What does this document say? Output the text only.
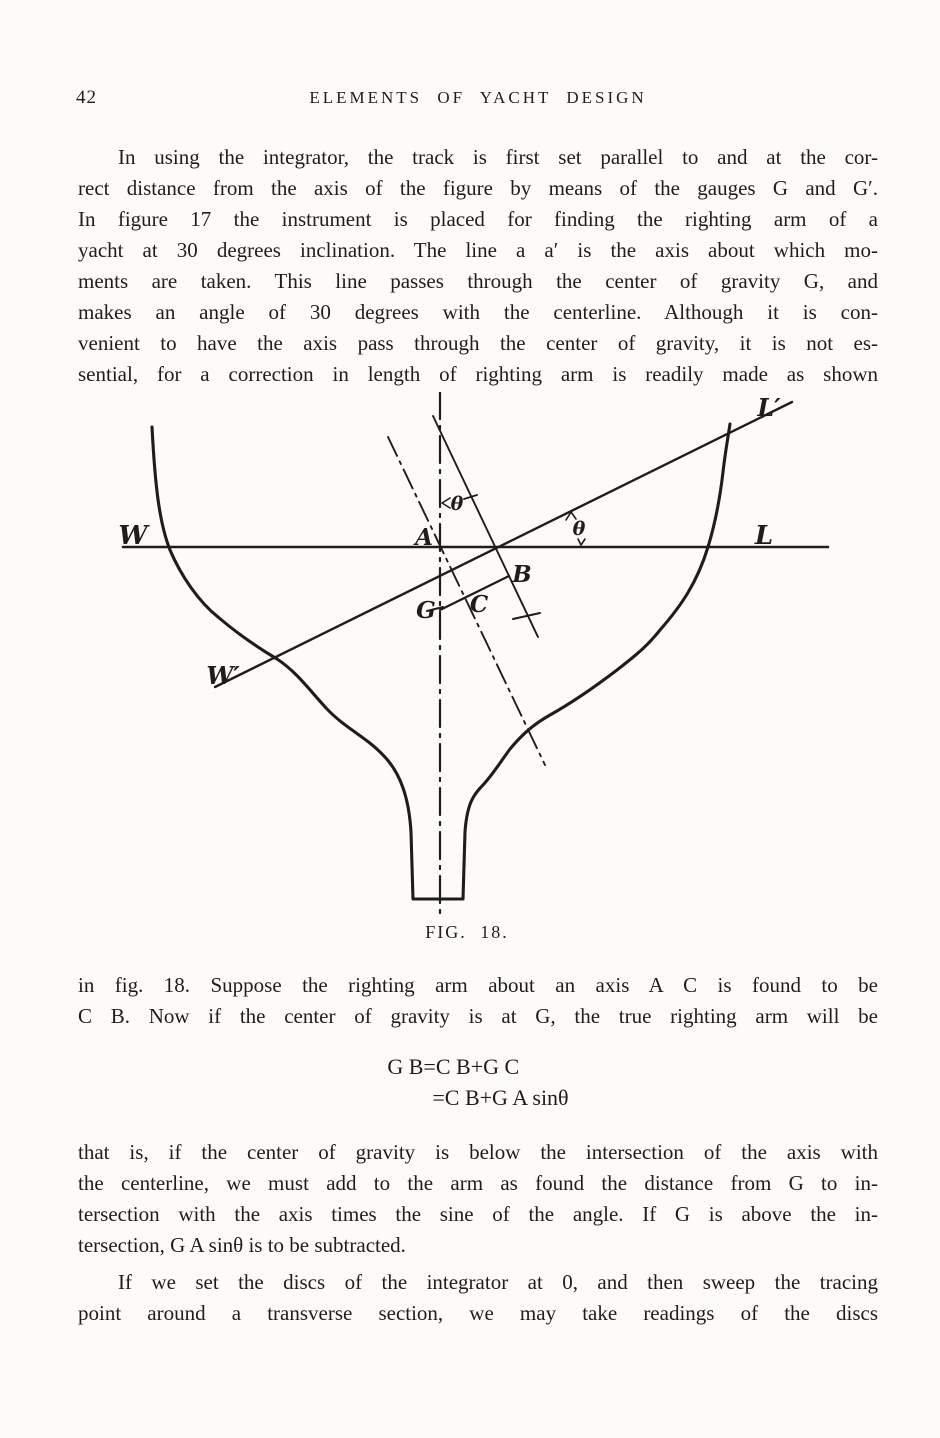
42	ELEMENTS OF YACHT DESIGN
In using the integrator, the track is first set parallel to and at the cor-
rect distance from the axis of the figure by means of the gauges G and G′.
In figure 17 the instrument is placed for finding the righting arm of a
yacht at 30 degrees inclination. The line a a′ is the axis about which mo-
ments are taken. This line passes through the center of gravity G, and
makes an angle of 30 degrees with the centerline. Although it is con-
venient to have the axis pass through the center of gravity, it is not es-
sential, for a correction in length of righting arm is readily made as shown
W	L
W′
L′
A
B
C
G
θ
θ
FIG. 18.
in fig. 18. Suppose the righting arm about an axis A C is found to be
C B. Now if the center of gravity is at G, the true righting arm will be
G B=C B+G C
=C B+G A sinθ
that is, if the center of gravity is below the intersection of the axis with
the centerline, we must add to the arm as found the distance from G to in-
tersection with the axis times the sine of the angle. If G is above the in-
tersection, G A sinθ is to be subtracted.
If we set the discs of the integrator at 0, and then sweep the tracing
point around a transverse section, we may take readings of the discs
